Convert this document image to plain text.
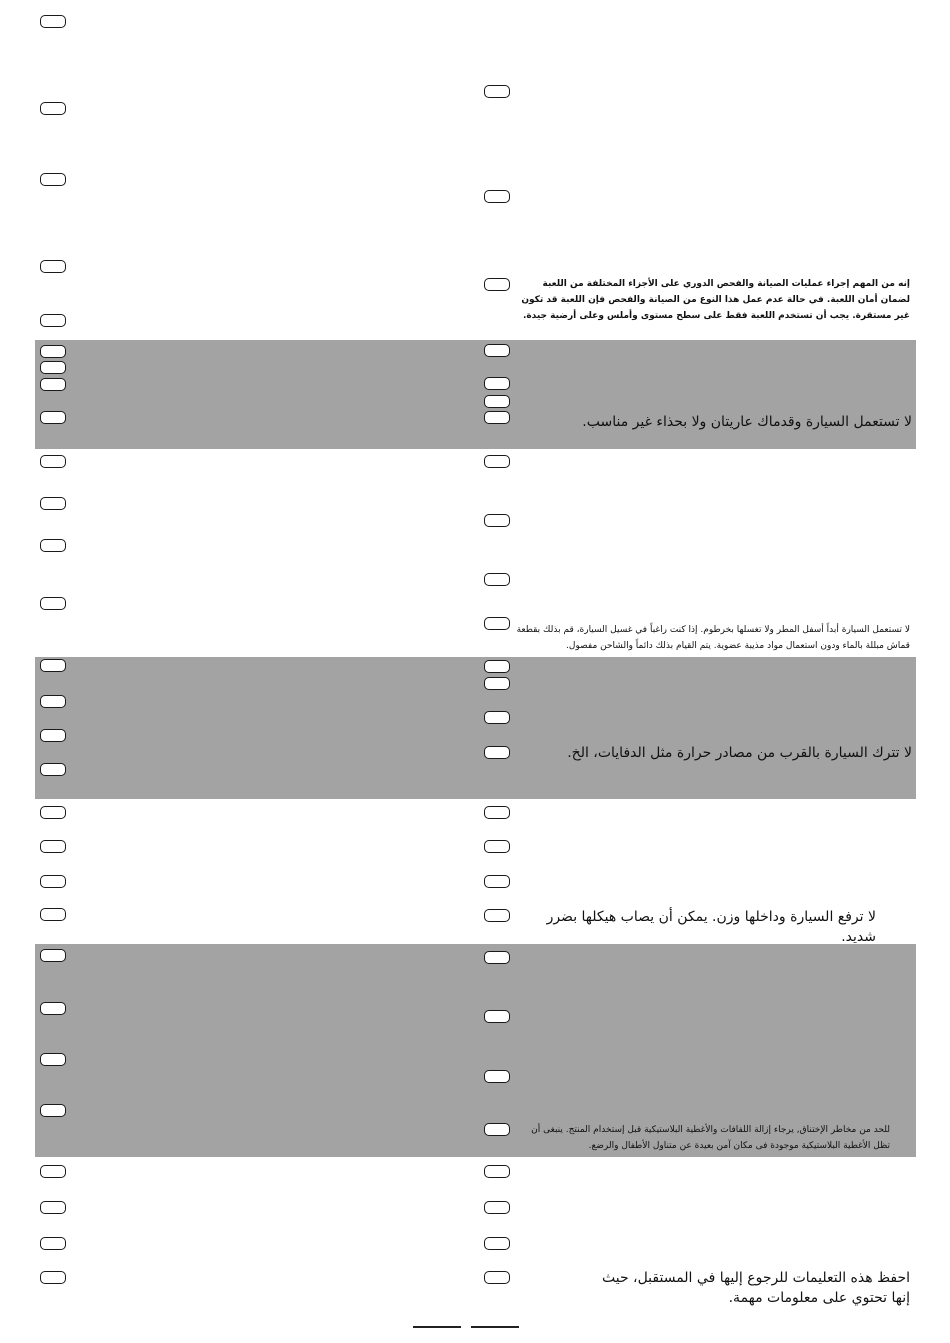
إنه من المهم إجراء عمليات الصيانة والفحص الدوري على الأجزاء المختلفة من اللعبة لضمان أمان اللعبة. في حالة عدم عمل هذا النوع من الصيانة والفحص فإن اللعبة قد تكون غير مستقرة. يجب أن تستخدم اللعبة فقط على سطح مستوى وأملس وعلى أرضية جيدة.

لا تستعمل السيارة وقدماك عاريتان ولا بحذاء غير مناسب.

لا تستعمل السيارة أبداً أسفل المطر ولا تغسلها بخرطوم. إذا كنت راغباً في غسيل السيارة، قم بذلك بقطعة قماش مبللة بالماء ودون استعمال مواد مذيبة عضوية. يتم القيام بذلك دائماً والشاحن مفصول.

لا تترك السيارة بالقرب من مصادر حرارة مثل الدفايات، الخ.

لا ترفع السيارة وداخلها وزن. يمكن أن يصاب هيكلها بضرر شديد.

للحد من مخاطر الإختناق, يرجاء إزالة اللفافات والأغطية البلاستيكية قبل إستخدام المنتج. ينبغى أن تظل الأغطية البلاستيكية موجودة فى مكان آمن بعيدة عن متناول الأطفال والرضع.

احفظ هذه التعليمات للرجوع إليها في المستقبل، حيث إنها تحتوي على معلومات مهمة.
